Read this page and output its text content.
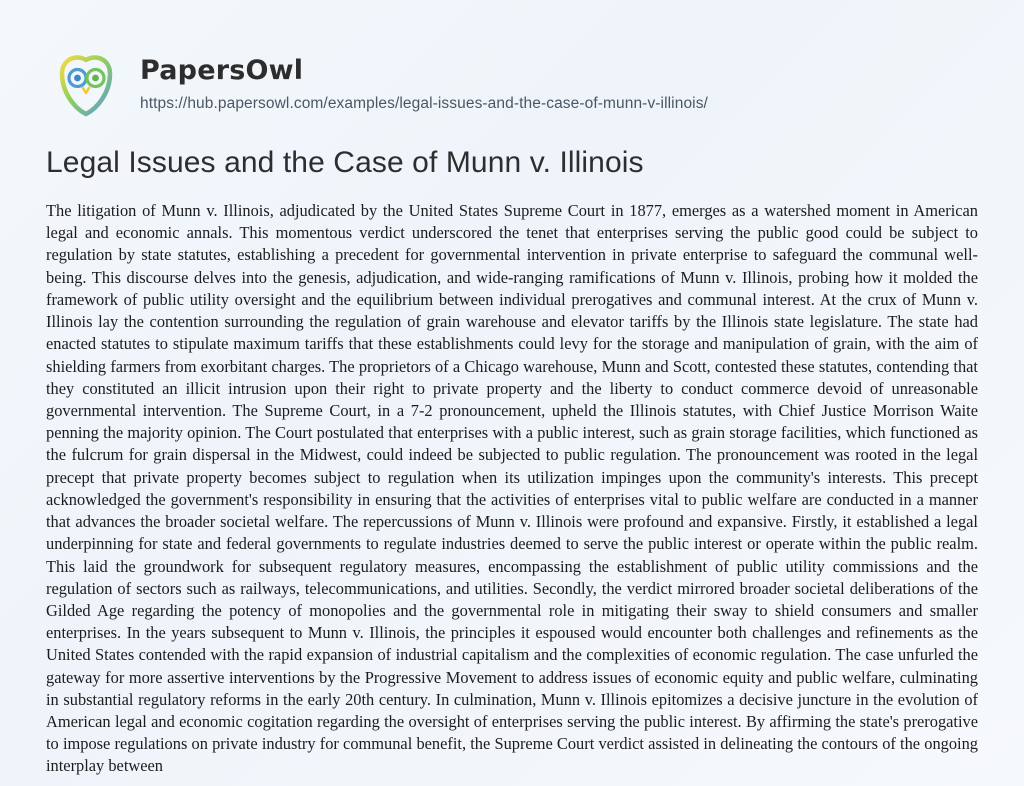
PapersOwl
https://hub.papersowl.com/examples/legal-issues-and-the-case-of-munn-v-illinois/
Legal Issues and the Case of Munn v. Illinois
The litigation of Munn v. Illinois, adjudicated by the United States Supreme Court in 1877, emerges as a watershed moment in American legal and economic annals. This momentous verdict underscored the tenet that enterprises serving the public good could be subject to regulation by state statutes, establishing a precedent for governmental intervention in private enterprise to safeguard the communal well-being. This discourse delves into the genesis, adjudication, and wide-ranging ramifications of Munn v. Illinois, probing how it molded the framework of public utility oversight and the equilibrium between individual prerogatives and communal interest. At the crux of Munn v. Illinois lay the contention surrounding the regulation of grain warehouse and elevator tariffs by the Illinois state legislature. The state had enacted statutes to stipulate maximum tariffs that these establishments could levy for the storage and manipulation of grain, with the aim of shielding farmers from exorbitant charges. The proprietors of a Chicago warehouse, Munn and Scott, contested these statutes, contending that they constituted an illicit intrusion upon their right to private property and the liberty to conduct commerce devoid of unreasonable governmental intervention. The Supreme Court, in a 7-2 pronouncement, upheld the Illinois statutes, with Chief Justice Morrison Waite penning the majority opinion. The Court postulated that enterprises with a public interest, such as grain storage facilities, which functioned as the fulcrum for grain dispersal in the Midwest, could indeed be subjected to public regulation. The pronouncement was rooted in the legal precept that private property becomes subject to regulation when its utilization impinges upon the community's interests. This precept acknowledged the government's responsibility in ensuring that the activities of enterprises vital to public welfare are conducted in a manner that advances the broader societal welfare. The repercussions of Munn v. Illinois were profound and expansive. Firstly, it established a legal underpinning for state and federal governments to regulate industries deemed to serve the public interest or operate within the public realm. This laid the groundwork for subsequent regulatory measures, encompassing the establishment of public utility commissions and the regulation of sectors such as railways, telecommunications, and utilities. Secondly, the verdict mirrored broader societal deliberations of the Gilded Age regarding the potency of monopolies and the governmental role in mitigating their sway to shield consumers and smaller enterprises. In the years subsequent to Munn v. Illinois, the principles it espoused would encounter both challenges and refinements as the United States contended with the rapid expansion of industrial capitalism and the complexities of economic regulation. The case unfurled the gateway for more assertive interventions by the Progressive Movement to address issues of economic equity and public welfare, culminating in substantial regulatory reforms in the early 20th century. In culmination, Munn v. Illinois epitomizes a decisive juncture in the evolution of American legal and economic cogitation regarding the oversight of enterprises serving the public interest. By affirming the state's prerogative to impose regulations on private industry for communal benefit, the Supreme Court verdict assisted in delineating the contours of the ongoing interplay between
